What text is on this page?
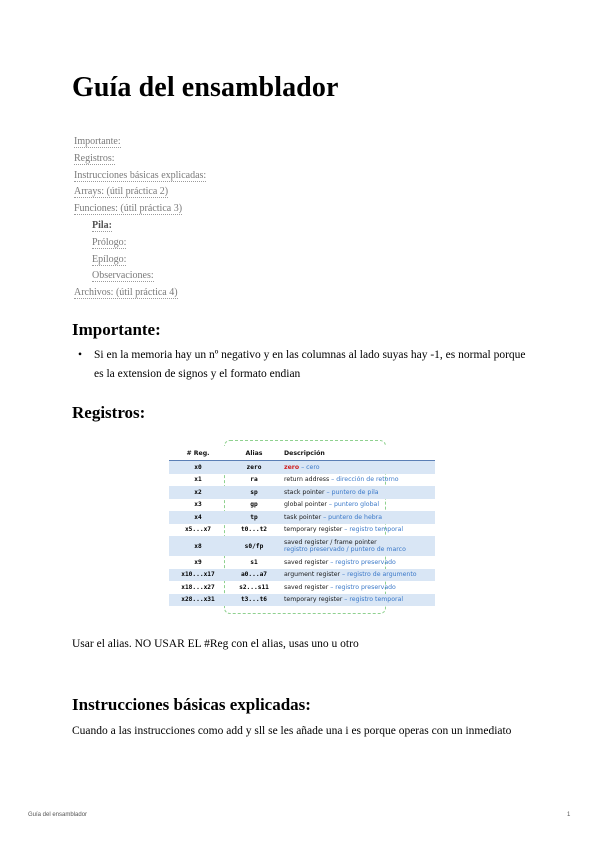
Guía del ensamblador
Importante:
Registros:
Instrucciones básicas explicadas:
Arrays: (útil práctica 2)
Funciones: (útil práctica 3)
Pila:
Prólogo:
Epílogo:
Observaciones:
Archivos: (útil práctica 4)
Importante:
• Si en la memoria hay un nº negativo y en las columnas al lado suyas hay -1, es normal porque es la extension de signos y el formato endian
Registros:
# Reg.	Alias	Descripción
x0	zero	zero – cero
x1	ra	return address – dirección de retorno
x2	sp	stack pointer – puntero de pila
x3	gp	global pointer – puntero global
x4	tp	task pointer – puntero de hebra
x5...x7	t0...t2	temporary register – registro temporal
x8	s0/fp	saved register / frame pointer
registro preservado / puntero de marco
x9	s1	saved register – registro preservado
x10...x17	a0...a7	argument register – registro de argumento
x18...x27	s2...s11	saved register – registro preservado
x28...x31	t3...t6	temporary register – registro temporal

Usar el alias. NO USAR EL #Reg con el alias, usas uno u otro

Instrucciones básicas explicadas:

Cuando a las instrucciones como add y sll se les añade una i es porque operas con un inmediato

Guía del ensamblador	1
